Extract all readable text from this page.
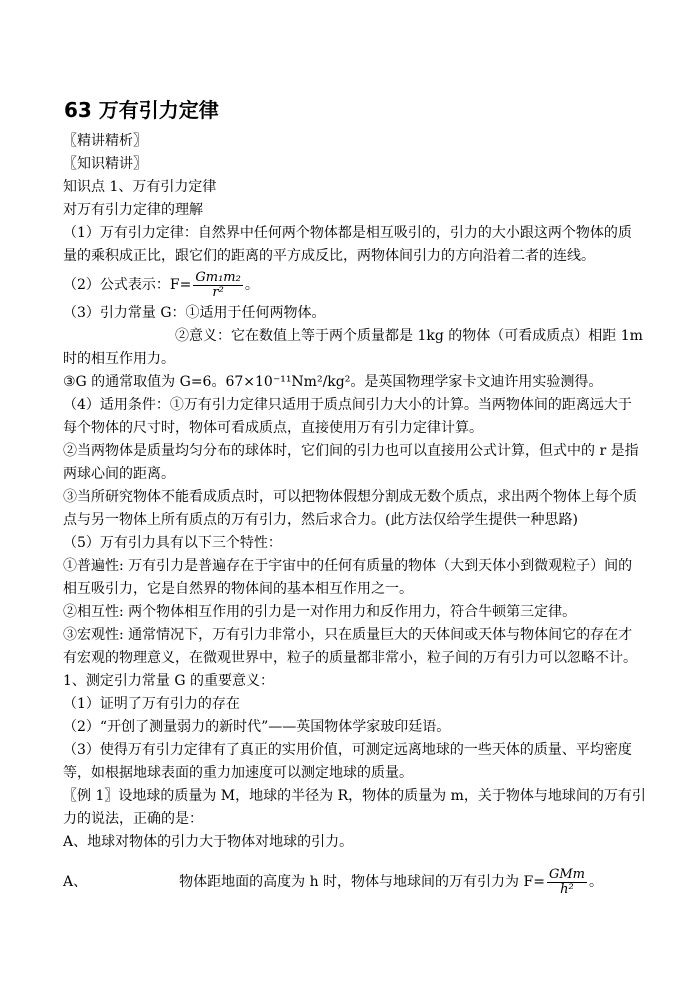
63 万有引力定律
〖精讲精析〗
〖知识精讲〗
知识点 1、万有引力定律
对万有引力定律的理解
（1）万有引力定律：自然界中任何两个物体都是相互吸引的，引力的大小跟这两个物体的质
量的乘积成正比，跟它们的距离的平方成反比，两物体间引力的方向沿着二者的连线。
（2）公式表示：$F= \frac{\text{Gm₁m₂}}{\text{r²}}$ 。
（3）引力常量 G：①适用于任何两物体。
②意义：它在数值上等于两个质量都是 1kg 的物体（可看成质点）相距 1m
时的相互作用力。
③G 的通常取值为 G=6。67×10⁻¹¹Nm²/kg²。是英国物理学家卡文迪许用实验测得。
（4）适用条件：①万有引力定律只适用于质点间引力大小的计算。当两物体间的距离远大于
每个物体的尺寸时，物体可看成质点，直接使用万有引力定律计算。
②当两物体是质量均匀分布的球体时，它们间的引力也可以直接用公式计算，但式中的 r 是指
两球心间的距离。
③当所研究物体不能看成质点时，可以把物体假想分割成无数个质点，求出两个物体上每个质
点与另一物体上所有质点的万有引力，然后求合力。(此方法仅给学生提供一种思路)
（5）万有引力具有以下三个特性：
①普遍性: 万有引力是普遍存在于宇宙中的任何有质量的物体（大到天体小到微观粒子）间的
相互吸引力，它是自然界的物体间的基本相互作用之一。
②相互性: 两个物体相互作用的引力是一对作用力和反作用力，符合牛顿第三定律。
③宏观性: 通常情况下，万有引力非常小，只在质量巨大的天体间或天体与物体间它的存在才
有宏观的物理意义，在微观世界中，粒子的质量都非常小，粒子间的万有引力可以忽略不计。
1、测定引力常量 G 的重要意义：
（1）证明了万有引力的存在
（2）“开创了测量弱力的新时代”——英国物体学家玻印廷语。
（3）使得万有引力定律有了真正的实用价值，可测定远离地球的一些天体的质量、平均密度
等，如根据地球表面的重力加速度可以测定地球的质量。
〖例 1〗设地球的质量为 M，地球的半径为 R，物体的质量为 m，关于物体与地球间的万有引
力的说法，正确的是：
A、地球对物体的引力大于物体对地球的引力。
A、	物体距地面的高度为 h 时，物体与地球间的万有引力为 $F= \frac{\text{GMm}}{\text{h²}}$ 。
